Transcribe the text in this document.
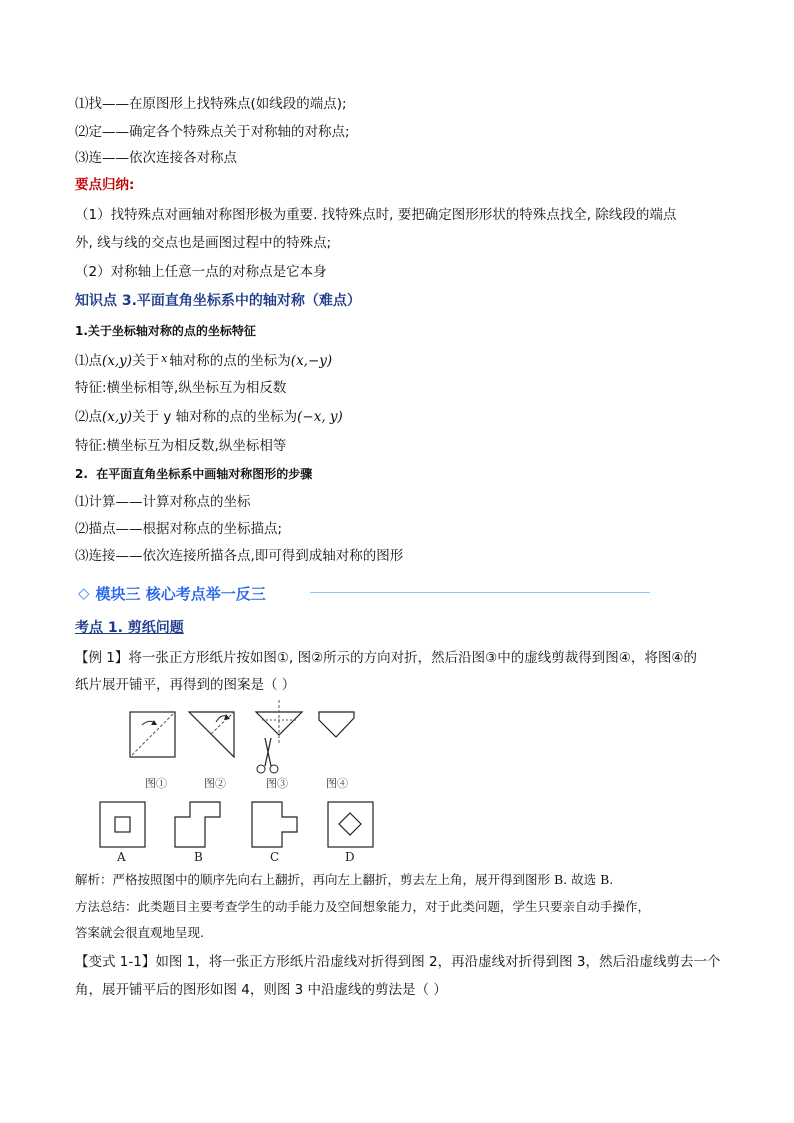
⑴找——在原图形上找特殊点(如线段的端点);
⑵定——确定各个特殊点关于对称轴的对称点;
⑶连——依次连接各对称点
要点归纳:
（1）找特殊点对画轴对称图形极为重要. 找特殊点时, 要把确定图形形状的特殊点找全, 除线段的端点
外, 线与线的交点也是画图过程中的特殊点;
（2）对称轴上任意一点的对称点是它本身
知识点 3.平面直角坐标系中的轴对称（难点）
1.关于坐标轴对称的点的坐标特征
⑴点(x,y)关于 $^x$ 轴对称的点的坐标为(x,−y)
特征:横坐标相等,纵坐标互为相反数
⑵点(x,y)关于 y 轴对称的点的坐标为(−x, y)
特征:横坐标互为相反数,纵坐标相等
2. 在平面直角坐标系中画轴对称图形的步骤
⑴计算——计算对称点的坐标
⑵描点——根据对称点的坐标描点;
⑶连接——依次连接所描各点,即可得到成轴对称的图形
◇ 模块三 核心考点举一反三
考点 1. 剪纸问题
【例 1】将一张正方形纸片按如图①, 图②所示的方向对折，然后沿图③中的虚线剪裁得到图④，将图④的
纸片展开铺平，再得到的图案是（ ）
图①	图②	图③	图④
A	B	C	D
解析：严格按照图中的顺序先向右上翻折，再向左上翻折，剪去左上角，展开得到图形 B. 故选 B.
方法总结：此类题目主要考查学生的动手能力及空间想象能力，对于此类问题，学生只要亲自动手操作，
答案就会很直观地呈现.
【变式 1-1】如图 1，将一张正方形纸片沿虚线对折得到图 2，再沿虚线对折得到图 3，然后沿虚线剪去一个
角，展开铺平后的图形如图 4，则图 3 中沿虚线的剪法是（ ）
